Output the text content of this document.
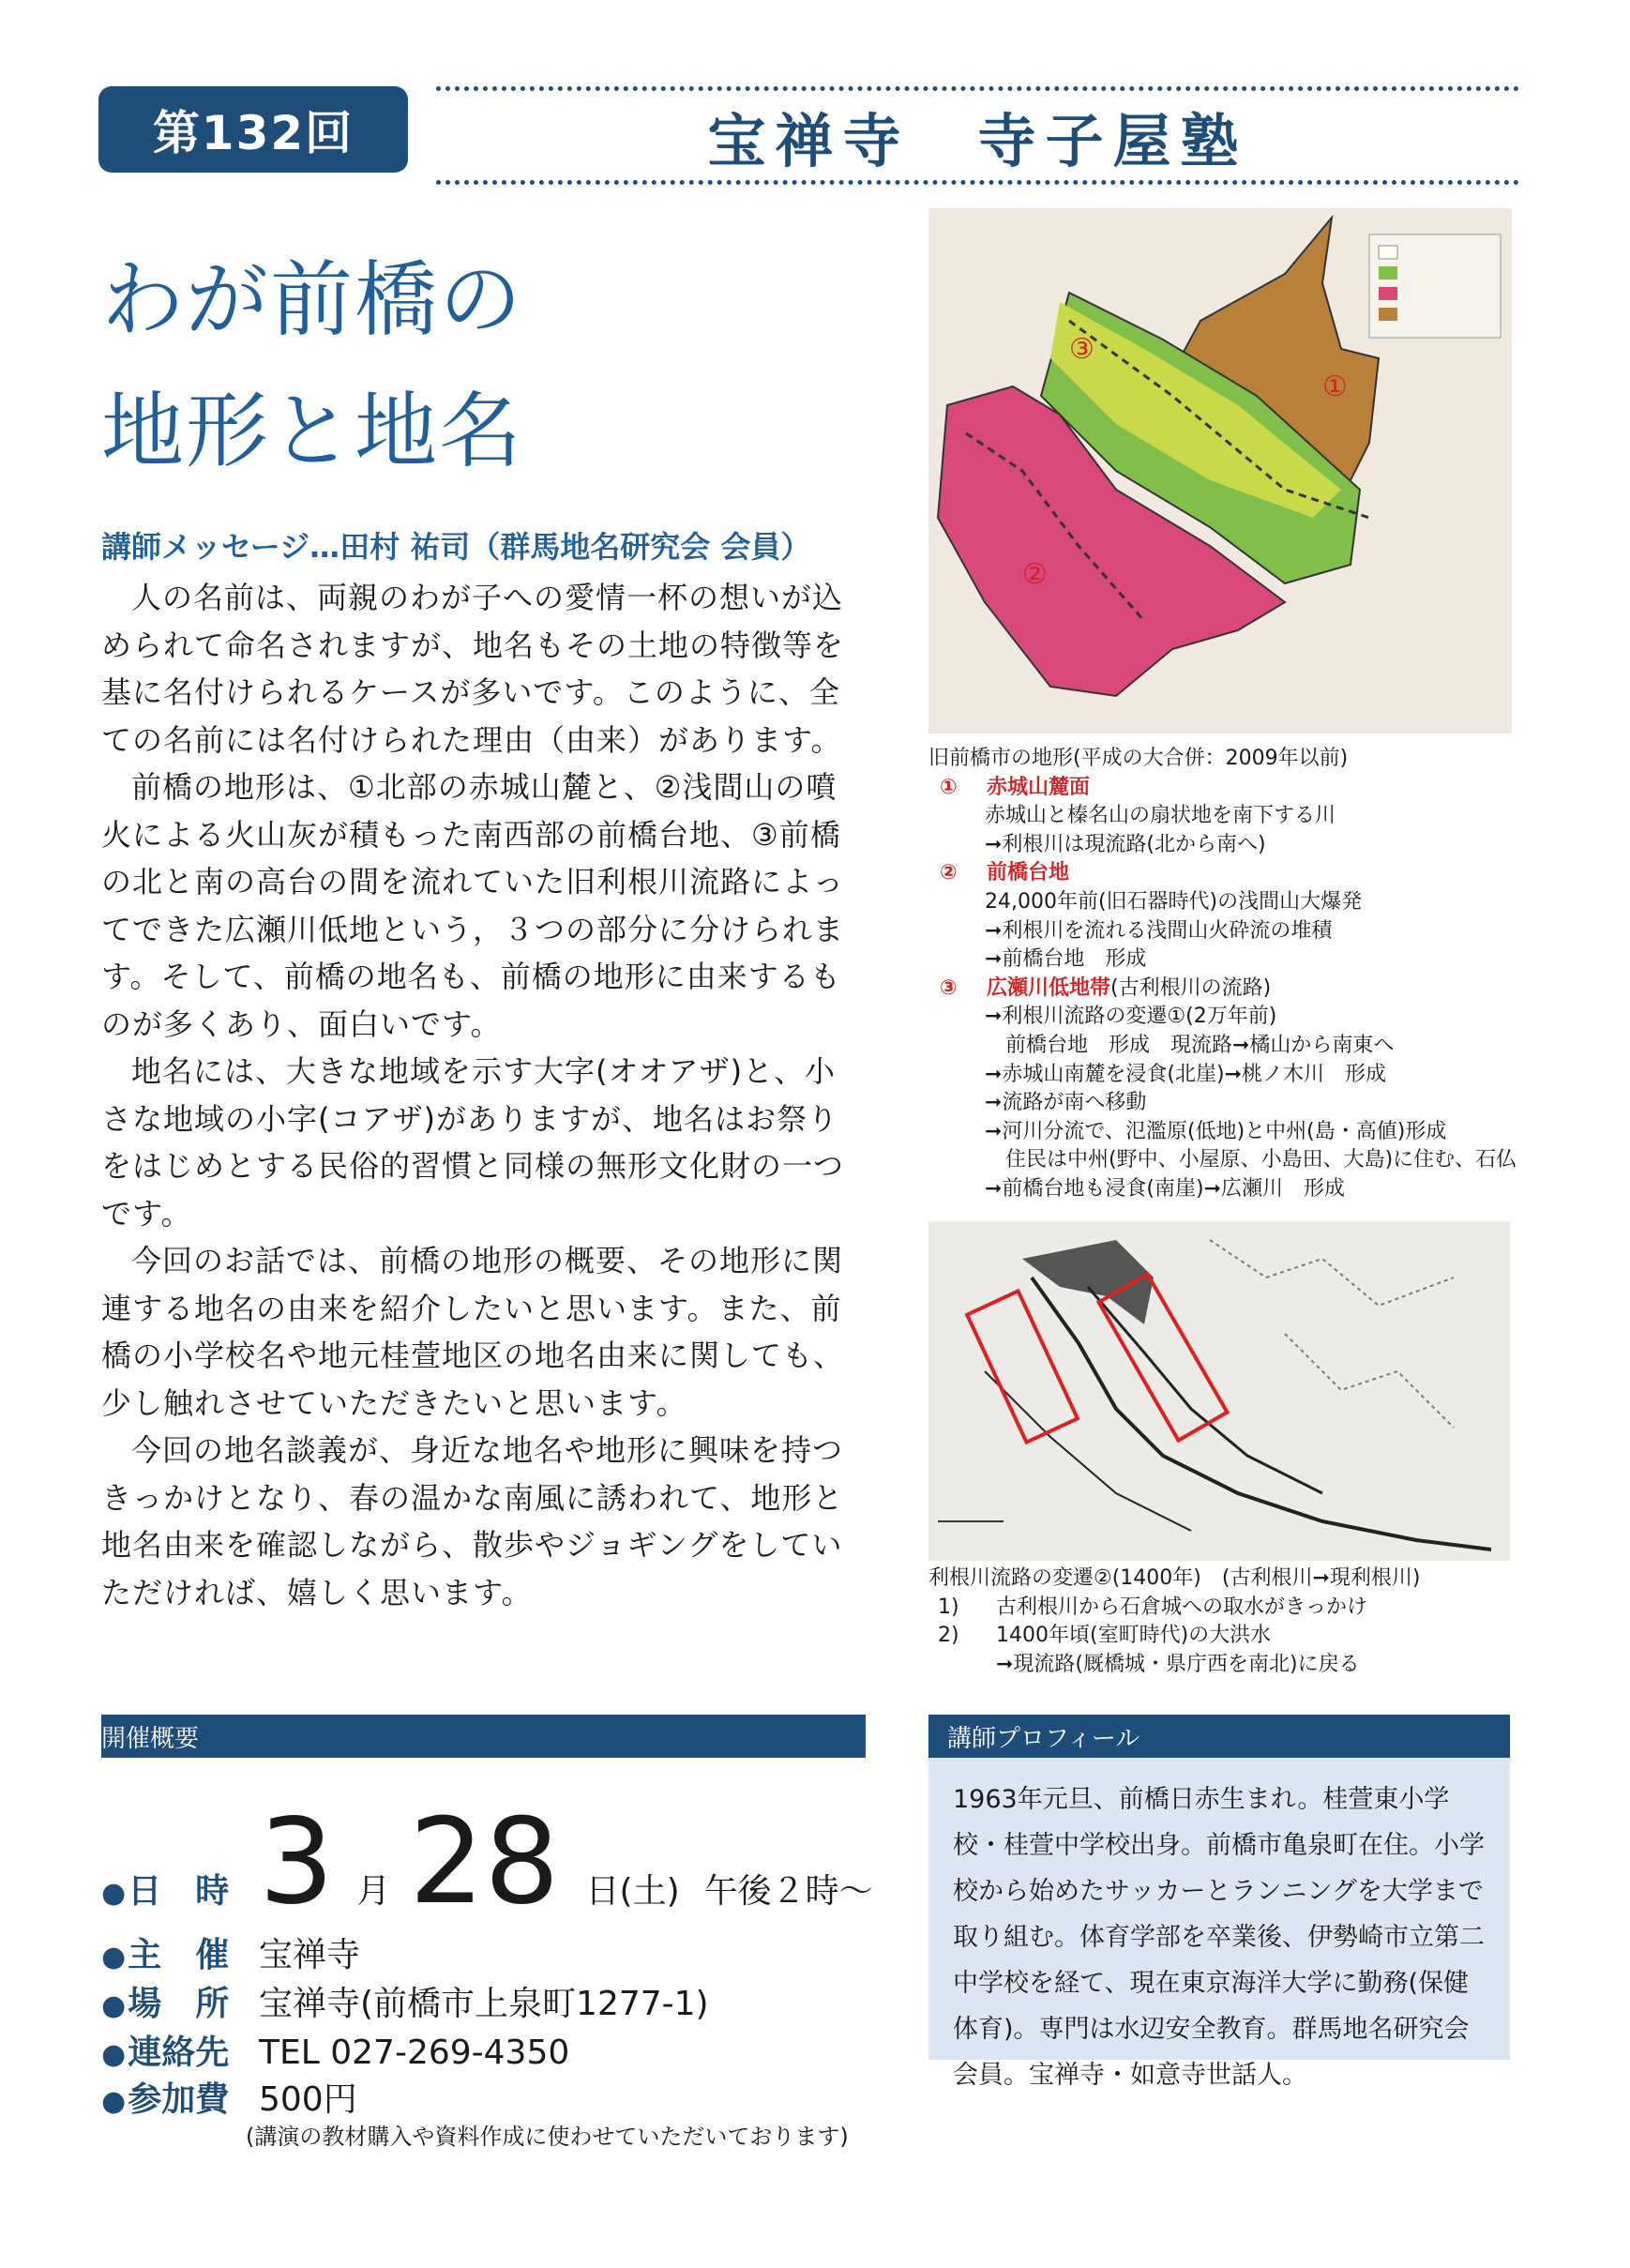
第132回	宝禅寺　寺子屋塾
わが前橋の
地形と地名
講師メッセージ…田村 祐司（群馬地名研究会 会員）

人の名前は、両親のわが子への愛情一杯の想いが込められて命名されますが、地名もその土地の特徴等を基に名付けられるケースが多いです。このように、全ての名前には名付けられた理由（由来）があります。

前橋の地形は、①北部の赤城山麓と、②浅間山の噴火による火山灰が積もった南西部の前橋台地、③前橋の北と南の高台の間を流れていた旧利根川流路によってできた広瀬川低地という，３つの部分に分けられます。そして、前橋の地名も、前橋の地形に由来するものが多くあり、面白いです。

地名には、大きな地域を示す大字(オオアザ)と、小さな地域の小字(コアザ)がありますが、地名はお祭りをはじめとする民俗的習慣と同様の無形文化財の一つです。

今回のお話では、前橋の地形の概要、その地形に関連する地名の由来を紹介したいと思います。また、前橋の小学校名や地元桂萱地区の地名由来に関しても、少し触れさせていただきたいと思います。

今回の地名談義が、身近な地名や地形に興味を持つきっかけとなり、春の温かな南風に誘われて、地形と地名由来を確認しながら、散歩やジョギングをしていただければ、嬉しく思います。

①
②
③
旧前橋市の地形(平成の大合併：2009年以前)
①	赤城山麓面
赤城山と榛名山の扇状地を南下する川
➞利根川は現流路(北から南へ)
②	前橋台地
24,000年前(旧石器時代)の浅間山大爆発
➞利根川を流れる浅間山火砕流の堆積
➞前橋台地　形成
③	広瀬川低地帯 (古利根川の流路)
➞利根川流路の変遷①(2万年前)
　前橋台地　形成　現流路➞橘山から南東へ
➞赤城山南麓を浸食(北崖)➞桃ノ木川　形成
➞流路が南へ移動
➞河川分流で、氾濫原(低地)と中州(島・高値)形成
　住民は中州(野中、小屋原、小島田、大島)に住む、石仏
➞前橋台地も浸食(南崖)➞広瀬川　形成
利根川流路の変遷②(1400年)　(古利根川➞現利根川)
1)	古利根川から石倉城への取水がきっかけ
2)	1400年頃(室町時代)の大洪水
➞現流路(厩橋城・県庁西を南北)に戻る
開催概要
●日　時 3 月 28 日(土) 午後２時～
●主　催 宝禅寺
●場　所 宝禅寺(前橋市上泉町1277-1)
●連絡先 TEL 027-269-4350
●参加費 500円
(講演の教材購入や資料作成に使わせていただいております)
講師プロフィール
1963年元旦、前橋日赤生まれ。桂萱東小学校・桂萱中学校出身。前橋市亀泉町在住。小学校から始めたサッカーとランニングを大学まで取り組む。体育学部を卒業後、伊勢崎市立第二中学校を経て、現在東京海洋大学に勤務(保健体育)。専門は水辺安全教育。群馬地名研究会 会員。宝禅寺・如意寺世話人。
